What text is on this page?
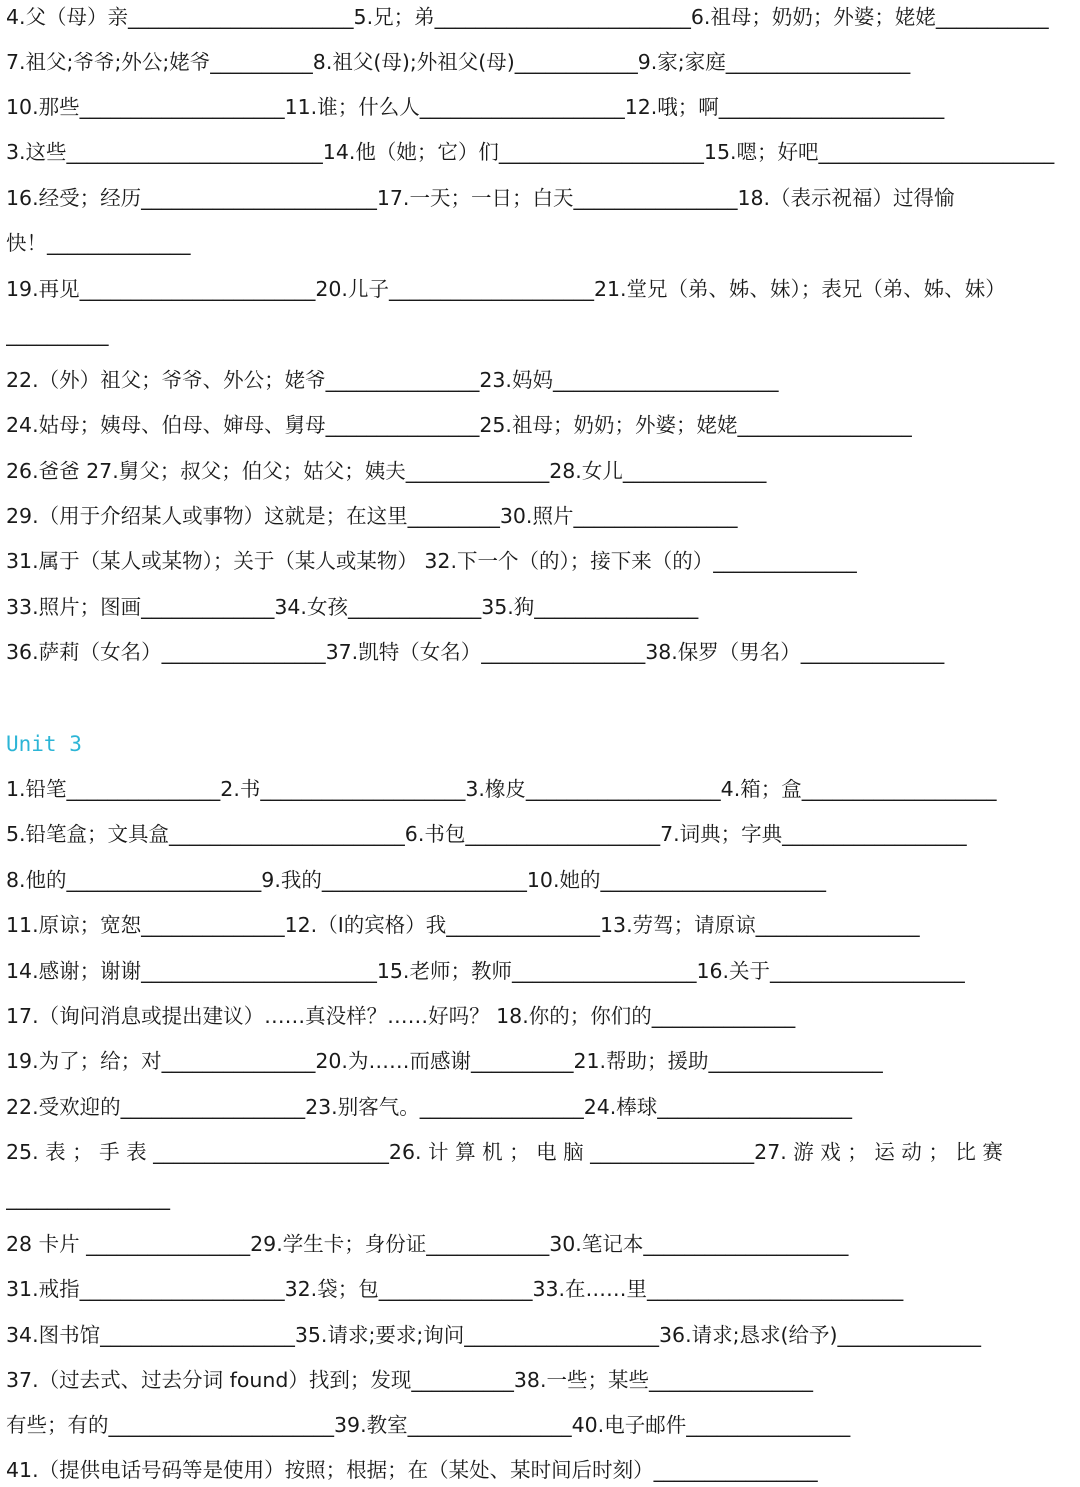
4.父（母）亲______________________5.兄；弟_________________________6.祖母；奶奶；外婆；姥姥___________
7.祖父;爷爷;外公;姥爷__________8.祖父(母);外祖父(母)____________9.家;家庭__________________
10.那些____________________11.谁；什么人____________________12.哦；啊______________________
3.这些_________________________14.他（她；它）们____________________15.嗯；好吧_______________________
16.经受；经历_______________________17.一天；一日；白天________________18.（表示祝福）过得愉
快！______________
19.再见_______________________20.儿子____________________21.堂兄（弟、姊、妹）；表兄（弟、姊、妹）
__________
22.（外）祖父；爷爷、外公；姥爷_______________23.妈妈______________________
24.姑母；姨母、伯母、婶母、舅母_______________25.祖母；奶奶；外婆；姥姥_________________
26.爸爸 27.舅父；叔父；伯父；姑父；姨夫______________28.女儿______________
29.（用于介绍某人或事物）这就是；在这里_________30.照片________________
31.属于（某人或某物）；关于（某人或某物） 32.下一个（的）；接下来（的）______________
33.照片；图画_____________34.女孩_____________35.狗________________
36.萨莉（女名）________________37.凯特（女名）________________38.保罗（男名）______________
Unit 3
1.铅笔_______________2.书____________________3.橡皮___________________4.箱；盒___________________
5.铅笔盒；文具盒_______________________6.书包___________________7.词典；字典__________________
8.他的___________________9.我的____________________10.她的______________________
11.原谅；宽恕______________12.（I的宾格）我_______________13.劳驾；请原谅________________
14.感谢；谢谢_______________________15.老师；教师__________________16.关于___________________
17.（询问消息或提出建议）……真没样？……好吗？ 18.你的；你们的______________
19.为了；给；对_______________20.为……而感谢__________21.帮助；援助_________________
22.受欢迎的__________________23.别客气。________________24.棒球___________________
25. 表 ； 手 表 _______________________26. 计 算 机 ； 电 脑 ________________27. 游 戏 ； 运 动 ； 比 赛
________________
28 卡片 ________________29.学生卡；身份证____________30.笔记本____________________
31.戒指____________________32.袋；包_______________33.在……里_________________________
34.图书馆___________________35.请求;要求;询问___________________36.请求;恳求(给予)______________
37.（过去式、过去分词 found）找到；发现__________38.一些；某些________________
有些；有的______________________39.教室________________40.电子邮件________________
41.（提供电话号码等是使用）按照；根据；在（某处、某时间后时刻）________________
